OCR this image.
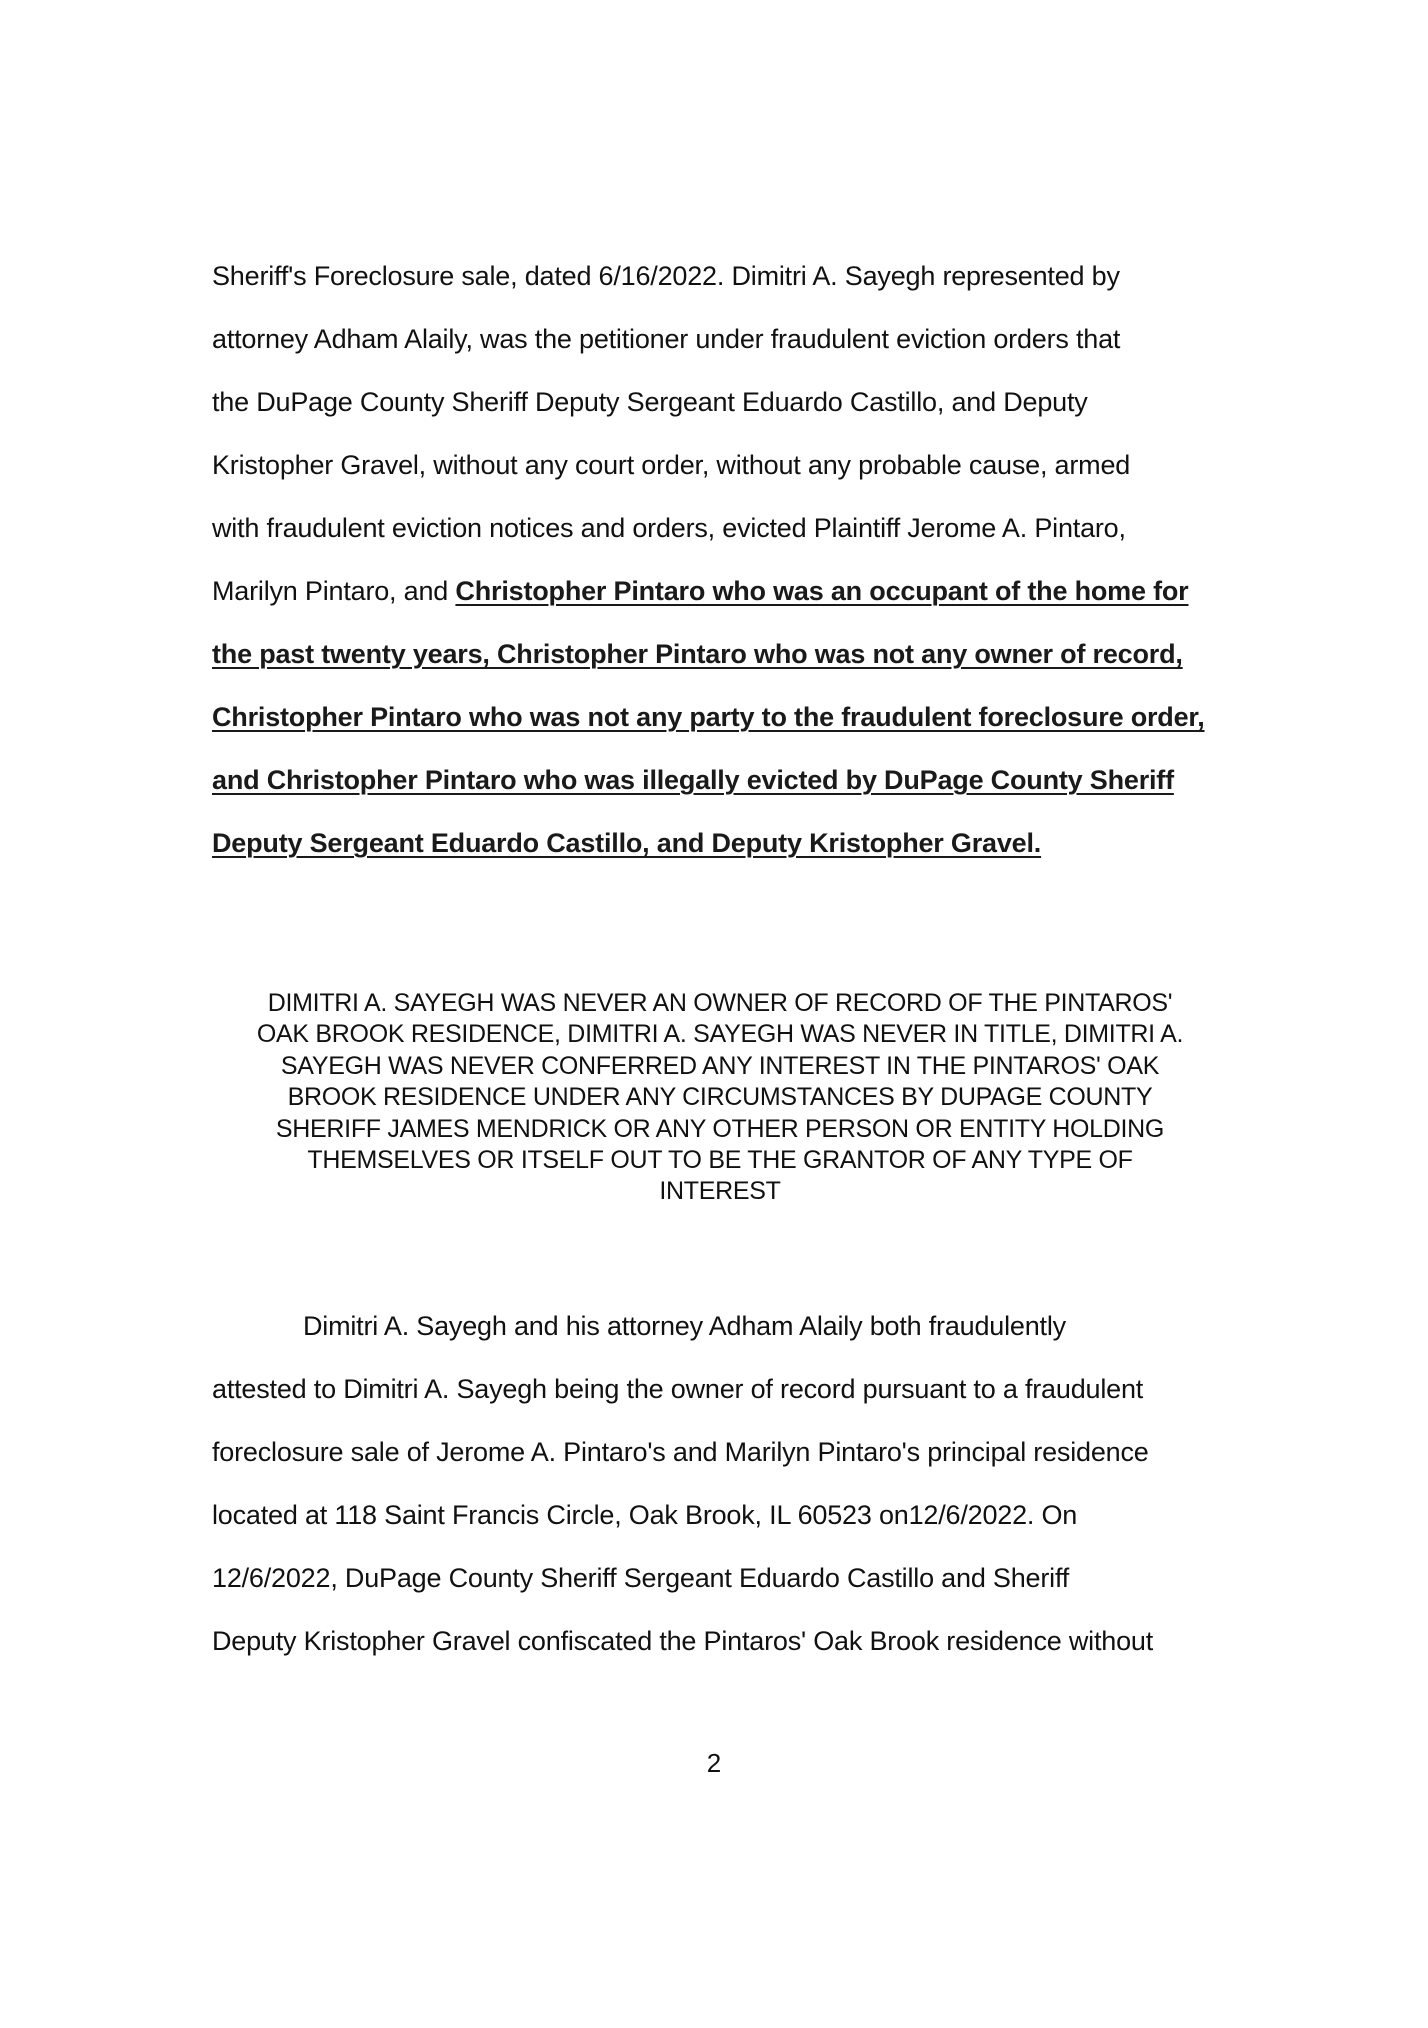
Sheriff's Foreclosure sale, dated 6/16/2022. Dimitri A. Sayegh represented by
attorney Adham Alaily, was the petitioner under fraudulent eviction orders that
the DuPage County Sheriff Deputy Sergeant Eduardo Castillo, and Deputy
Kristopher Gravel, without any court order, without any probable cause, armed
with fraudulent eviction notices and orders, evicted Plaintiff Jerome A. Pintaro,
Marilyn Pintaro, and Christopher Pintaro who was an occupant of the home for
the past twenty years, Christopher Pintaro who was not any owner of record,
Christopher Pintaro who was not any party to the fraudulent foreclosure order,
and Christopher Pintaro who was illegally evicted by DuPage County Sheriff
Deputy Sergeant Eduardo Castillo, and Deputy Kristopher Gravel.
DIMITRI A. SAYEGH WAS NEVER AN OWNER OF RECORD OF THE PINTAROS'
OAK BROOK RESIDENCE, DIMITRI A. SAYEGH WAS NEVER IN TITLE, DIMITRI A.
SAYEGH WAS NEVER CONFERRED ANY INTEREST IN THE PINTAROS' OAK
BROOK RESIDENCE UNDER ANY CIRCUMSTANCES BY DUPAGE COUNTY
SHERIFF JAMES MENDRICK OR ANY OTHER PERSON OR ENTITY HOLDING
THEMSELVES OR ITSELF OUT TO BE THE GRANTOR OF ANY TYPE OF
INTEREST
Dimitri A. Sayegh and his attorney Adham Alaily both fraudulently
attested to Dimitri A. Sayegh being the owner of record pursuant to a fraudulent
foreclosure sale of Jerome A. Pintaro's and Marilyn Pintaro's principal residence
located at 118 Saint Francis Circle, Oak Brook, IL 60523 on12/6/2022. On
12/6/2022, DuPage County Sheriff Sergeant Eduardo Castillo and Sheriff
Deputy Kristopher Gravel confiscated the Pintaros' Oak Brook residence without
2
